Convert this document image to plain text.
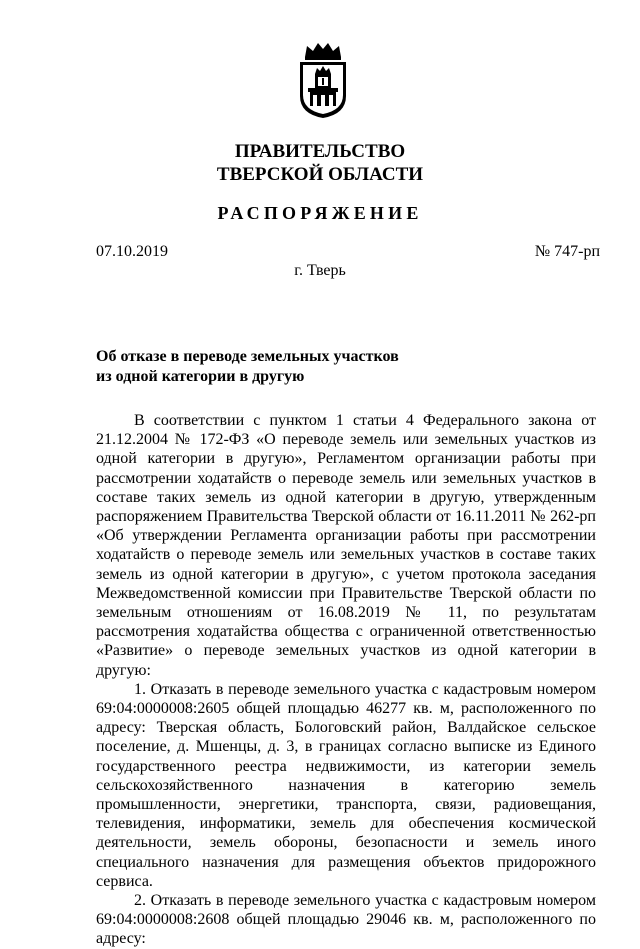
ПРАВИТЕЛЬСТВО
ТВЕРСКОЙ ОБЛАСТИ
РАСПОРЯЖЕНИЕ
07.10.2019	№ 747-рп
г. Тверь
Об отказе в переводе земельных участков
из одной категории в другую

В соответствии с пунктом 1 статьи 4 Федерального закона от 21.12.2004 № 172-ФЗ «О переводе земель или земельных участков из одной категории в другую», Регламентом организации работы при рассмотрении ходатайств о переводе земель или земельных участков в составе таких земель из одной категории в другую, утвержденным распоряжением Правительства Тверской области от 16.11.2011 № 262-рп «Об утверждении Регламента организации работы при рассмотрении ходатайств о переводе земель или земельных участков в составе таких земель из одной категории в другую», с учетом протокола заседания Межведомственной комиссии при Правительстве Тверской области по земельным отношениям от 16.08.2019 № 11, по результатам рассмотрения ходатайства общества с ограниченной ответственностью «Развитие» о переводе земельных участков из одной категории в другую:

1. Отказать в переводе земельного участка с кадастровым номером 69:04:0000008:2605 общей площадью 46277 кв. м, расположенного по адресу: Тверская область, Бологовский район, Валдайское сельское поселение, д. Мшенцы, д. 3, в границах согласно выписке из Единого государственного реестра недвижимости, из категории земель сельскохозяйственного назначения в категорию земель промышленности, энергетики, транспорта, связи, радиовещания, телевидения, информатики, земель для обеспечения космической деятельности, земель обороны, безопасности и земель иного специального назначения для размещения объектов придорожного сервиса.

2. Отказать в переводе земельного участка с кадастровым номером 69:04:0000008:2608 общей площадью 29046 кв. м, расположенного по адресу:
